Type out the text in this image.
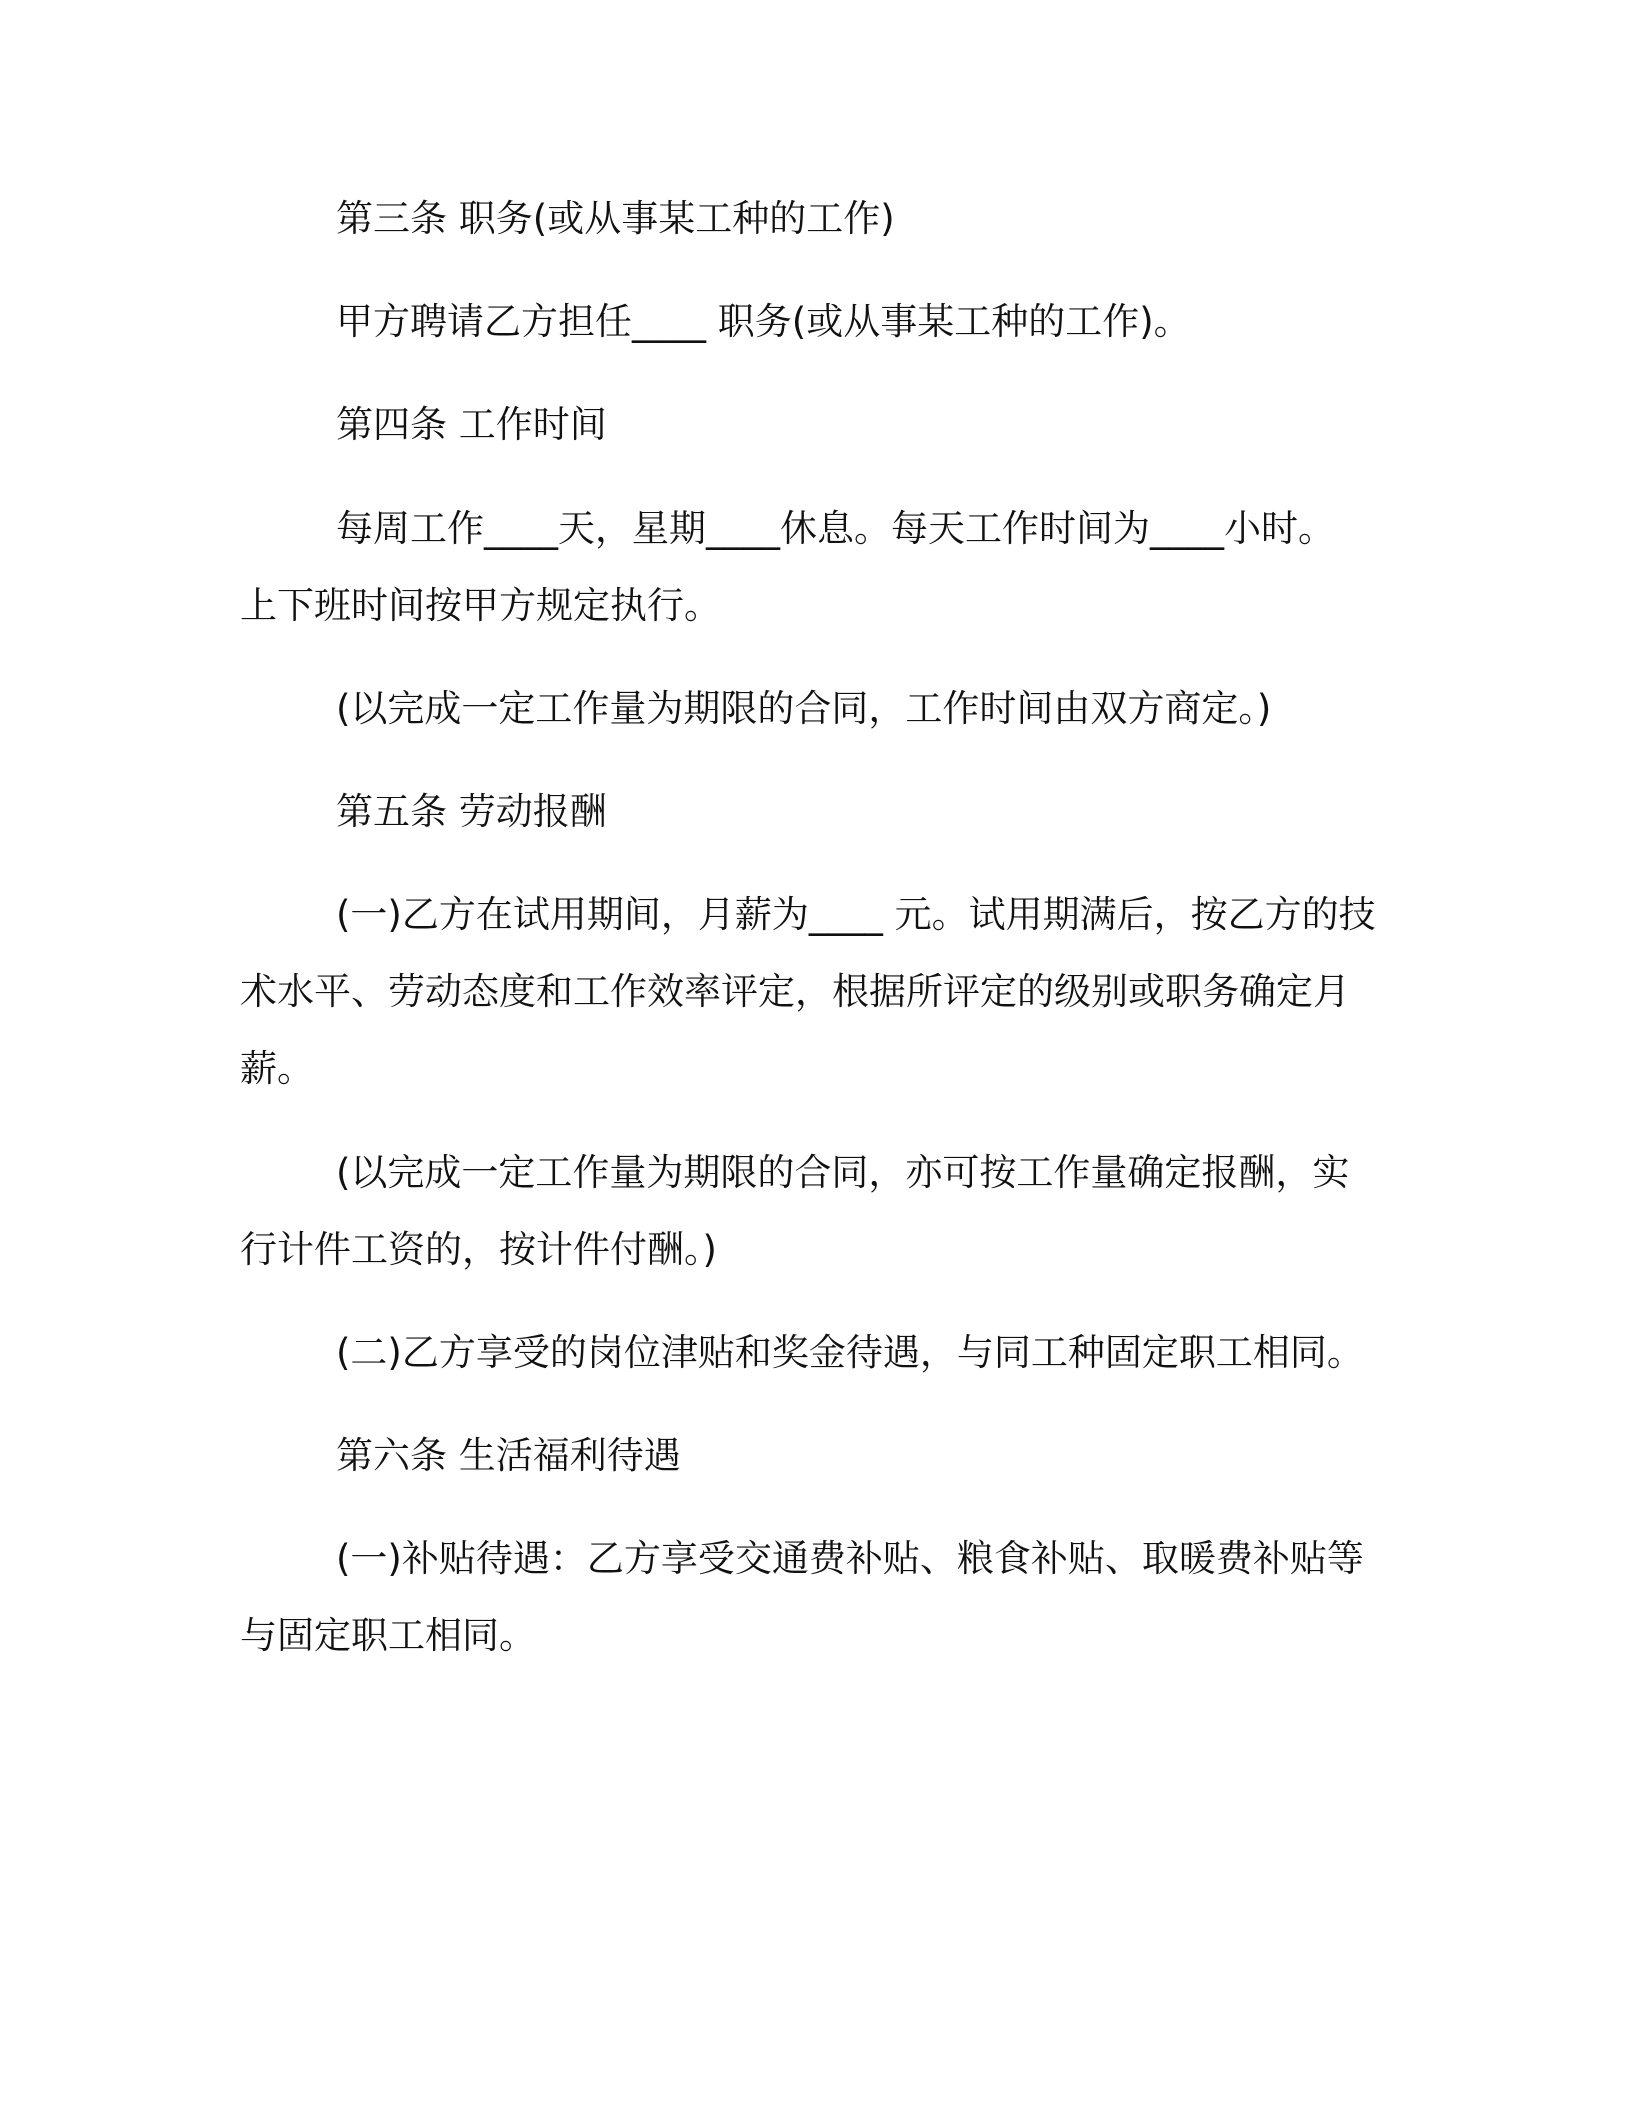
第三条 职务(或从事某工种的工作)

甲方聘请乙方担任____ 职务(或从事某工种的工作)。

第四条 工作时间

每周工作____天，星期____休息。每天工作时间为____小时。
上下班时间按甲方规定执行。

(以完成一定工作量为期限的合同，工作时间由双方商定。)

第五条 劳动报酬

(一)乙方在试用期间，月薪为____ 元。试用期满后，按乙方的技
术水平、劳动态度和工作效率评定，根据所评定的级别或职务确定月
薪。

(以完成一定工作量为期限的合同，亦可按工作量确定报酬，实
行计件工资的，按计件付酬。)

(二)乙方享受的岗位津贴和奖金待遇，与同工种固定职工相同。

第六条 生活福利待遇

(一)补贴待遇：乙方享受交通费补贴、粮食补贴、取暖费补贴等
与固定职工相同。
